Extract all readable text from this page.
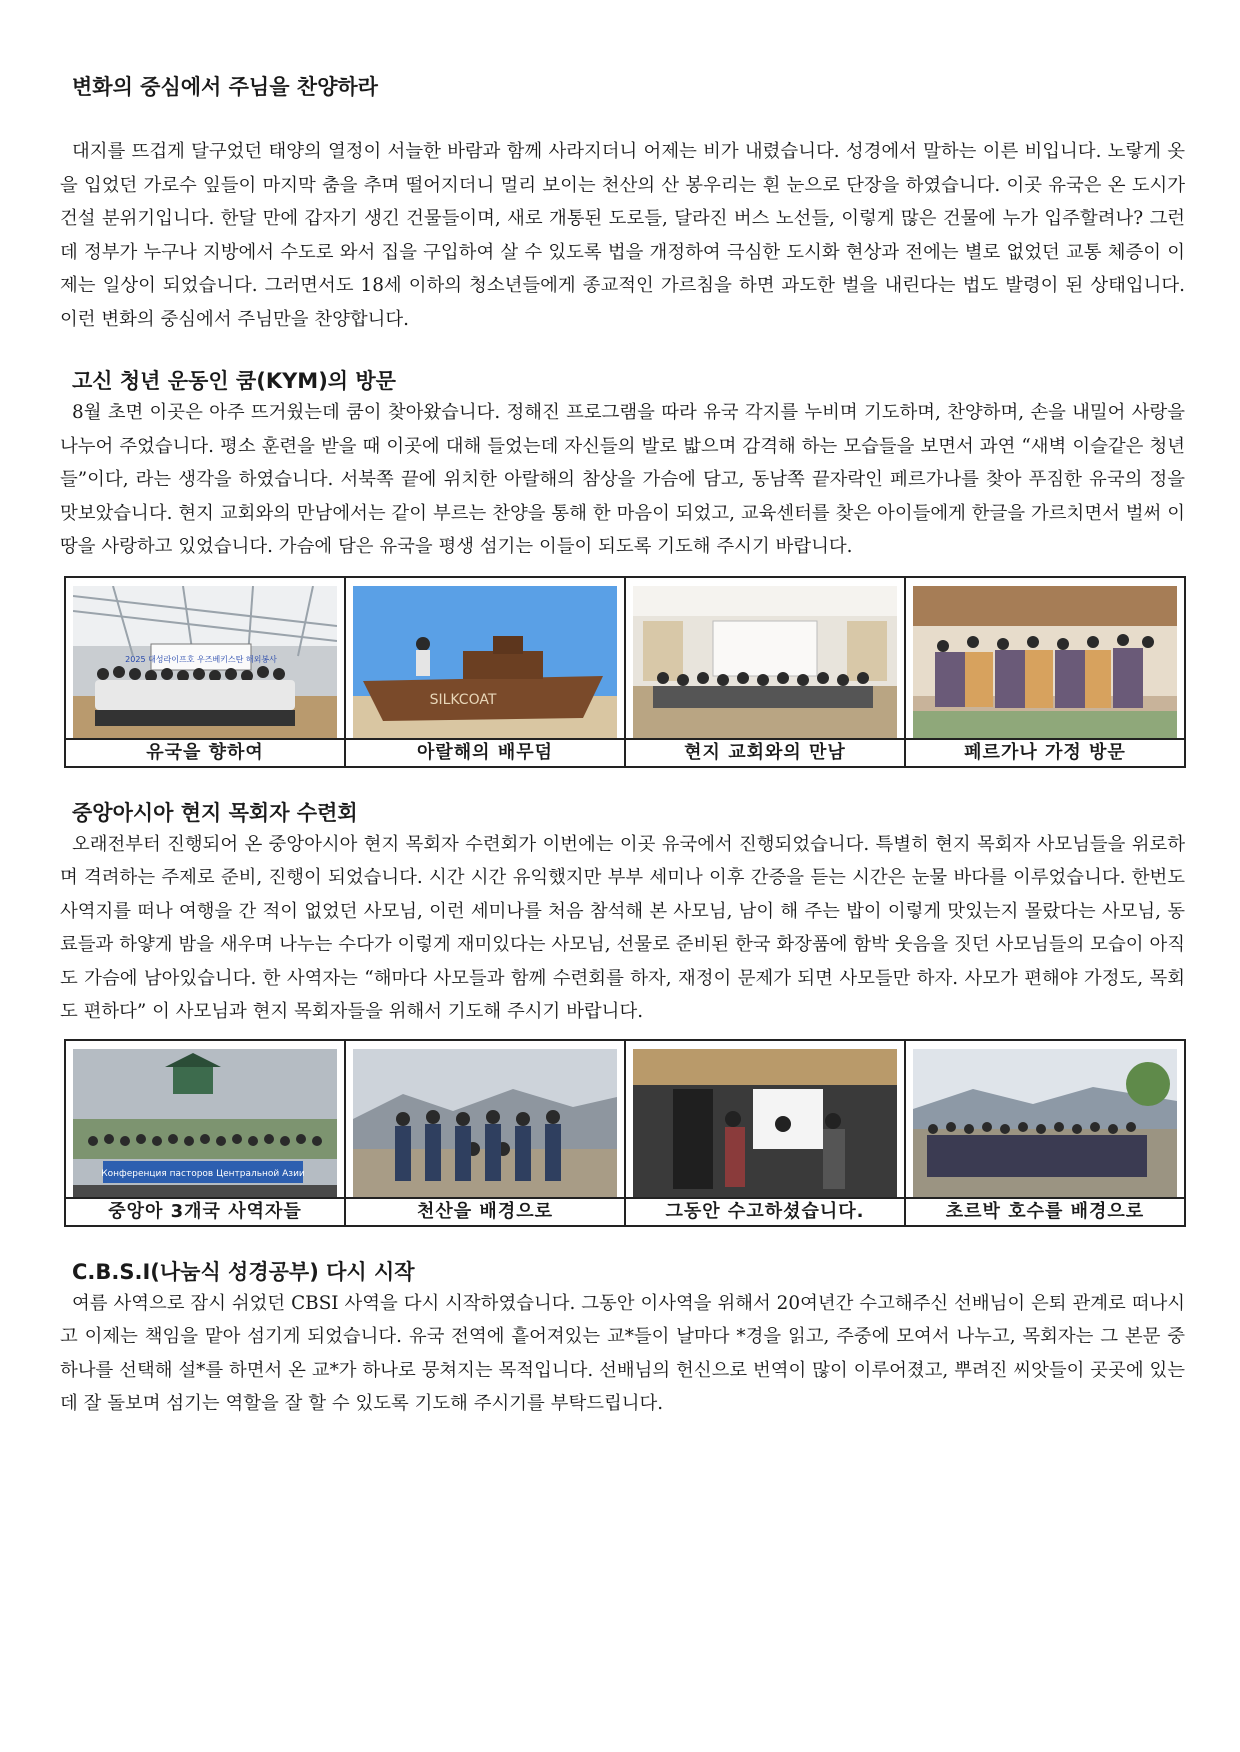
변화의 중심에서 주님을 찬양하라

대지를 뜨겁게 달구었던 태양의 열정이 서늘한 바람과 함께 사라지더니 어제는 비가 내렸습니다. 성경에서 말하는 이른 비입니다. 노랗게 옷을 입었던 가로수 잎들이 마지막 춤을 추며 떨어지더니 멀리 보이는 천산의 산 봉우리는 흰 눈으로 단장을 하였습니다. 이곳 유국은 온 도시가 건설 분위기입니다. 한달 만에 갑자기 생긴 건물들이며, 새로 개통된 도로들, 달라진 버스 노선들, 이렇게 많은 건물에 누가 입주할려나? 그런데 정부가 누구나 지방에서 수도로 와서 집을 구입하여 살 수 있도록 법을 개정하여 극심한 도시화 현상과 전에는 별로 없었던 교통 체증이 이제는 일상이 되었습니다. 그러면서도 18세 이하의 청소년들에게 종교적인 가르침을 하면 과도한 벌을 내린다는 법도 발령이 된 상태입니다. 이런 변화의 중심에서 주님만을 찬양합니다.

고신 청년 운동인 쿰(KYM)의 방문

8월 초면 이곳은 아주 뜨거웠는데 쿰이 찾아왔습니다. 정해진 프로그램을 따라 유국 각지를 누비며 기도하며, 찬양하며, 손을 내밀어 사랑을 나누어 주었습니다. 평소 훈련을 받을 때 이곳에 대해 들었는데 자신들의 발로 밟으며 감격해 하는 모습들을 보면서 과연 “새벽 이슬같은 청년들”이다, 라는 생각을 하였습니다. 서북쪽 끝에 위치한 아랄해의 참상을 가슴에 담고, 동남쪽 끝자락인 페르가나를 찾아 푸짐한 유국의 정을 맛보았습니다. 현지 교회와의 만남에서는 같이 부르는 찬양을 통해 한 마음이 되었고, 교육센터를 찾은 아이들에게 한글을 가르치면서 벌써 이 땅을 사랑하고 있었습니다. 가슴에 담은 유국을 평생 섬기는 이들이 되도록 기도해 주시기 바랍니다.

2025 대성라이프호 우즈베키스탄 해외봉사	SILKCOAT

유국을 향하여	아랄해의 배무덤	현지 교회와의 만남	페르가나 가정 방문
중앙아시아 현지 목회자 수련회

오래전부터 진행되어 온 중앙아시아 현지 목회자 수련회가 이번에는 이곳 유국에서 진행되었습니다. 특별히 현지 목회자 사모님들을 위로하며 격려하는 주제로 준비, 진행이 되었습니다. 시간 시간 유익했지만 부부 세미나 이후 간증을 듣는 시간은 눈물 바다를 이루었습니다. 한번도 사역지를 떠나 여행을 간 적이 없었던 사모님, 이런 세미나를 처음 참석해 본 사모님, 남이 해 주는 밥이 이렇게 맛있는지 몰랐다는 사모님, 동료들과 하얗게 밤을 새우며 나누는 수다가 이렇게 재미있다는 사모님, 선물로 준비된 한국 화장품에 함박 웃음을 짓던 사모님들의 모습이 아직도 가슴에 남아있습니다. 한 사역자는 “해마다 사모들과 함께 수련회를 하자, 재정이 문제가 되면 사모들만 하자. 사모가 편해야 가정도, 목회도 편하다” 이 사모님과 현지 목회자들을 위해서 기도해 주시기 바랍니다.

Конференция пасторов Центральной Азии

중앙아 3개국 사역자들	천산을 배경으로	그동안 수고하셨습니다.	초르박 호수를 배경으로
C.B.S.I(나눔식 성경공부) 다시 시작

여름 사역으로 잠시 쉬었던 CBSI 사역을 다시 시작하였습니다. 그동안 이사역을 위해서 20여년간 수고해주신 선배님이 은퇴 관계로 떠나시고 이제는 책임을 맡아 섬기게 되었습니다. 유국 전역에 흩어져있는 교*들이 날마다 *경을 읽고, 주중에 모여서 나누고, 목회자는 그 본문 중 하나를 선택해 설*를 하면서 온 교*가 하나로 뭉쳐지는 목적입니다. 선배님의 헌신으로 번역이 많이 이루어졌고, 뿌려진 씨앗들이 곳곳에 있는데 잘 돌보며 섬기는 역할을 잘 할 수 있도록 기도해 주시기를 부탁드립니다.
